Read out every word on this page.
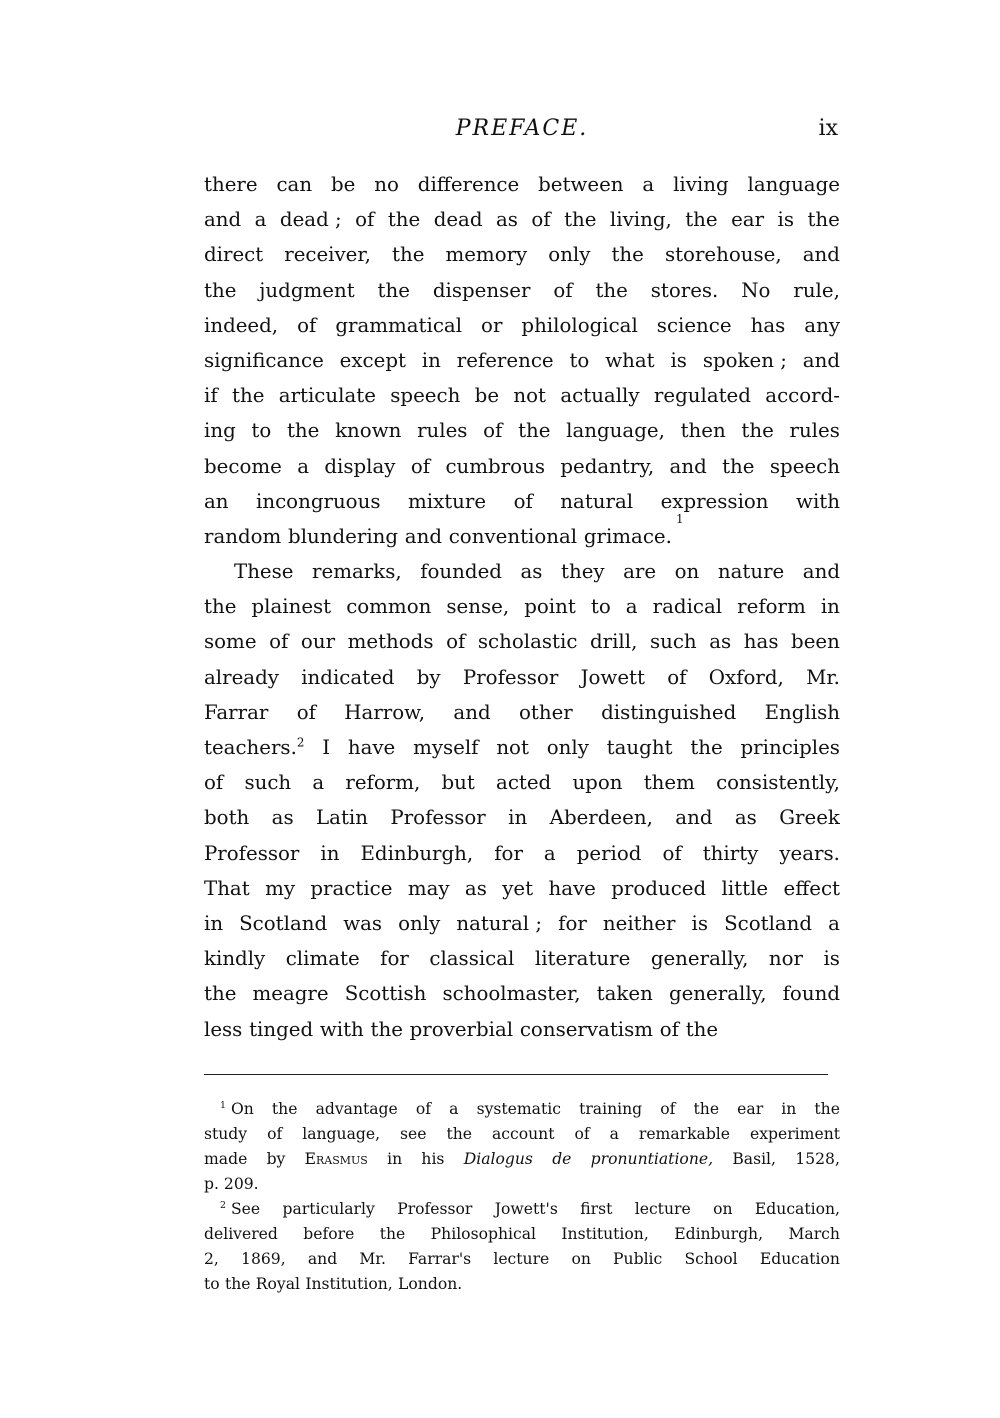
PREFACE.	ix
there can be no difference between a living language
and a dead ; of the dead as of the living, the ear is the
direct receiver, the memory only the storehouse, and
the judgment the dispenser of the stores. No rule,
indeed, of grammatical or philological science has any
significance except in reference to what is spoken ; and
if the articulate speech be not actually regulated accord-
ing to the known rules of the language, then the rules
become a display of cumbrous pedantry, and the speech
an incongruous mixture of natural expression with
random blundering and conventional grimace.
1
These remarks, founded as they are on nature and
the plainest common sense, point to a radical reform in
some of our methods of scholastic drill, such as has been
already indicated by Professor Jowett of Oxford, Mr.
Farrar of Harrow, and other distinguished English
teachers.$^2$ I have myself not only taught the principles
of such a reform, but acted upon them consistently,
both as Latin Professor in Aberdeen, and as Greek
Professor in Edinburgh, for a period of thirty years.
That my practice may as yet have produced little effect
in Scotland was only natural ; for neither is Scotland a
kindly climate for classical literature generally, nor is
the meagre Scottish schoolmaster, taken generally, found
less tinged with the proverbial conservatism of the
$^1$ On the advantage of a systematic training of the ear in the
study of language, see the account of a remarkable experiment
made by Erasmus in his Dialogus de pronuntiatione, Basil, 1528,
p. 209.
$^2$ See particularly Professor Jowett's first lecture on Education,
delivered before the Philosophical Institution, Edinburgh, March
2, 1869, and Mr. Farrar's lecture on Public School Education
to the Royal Institution, London.
